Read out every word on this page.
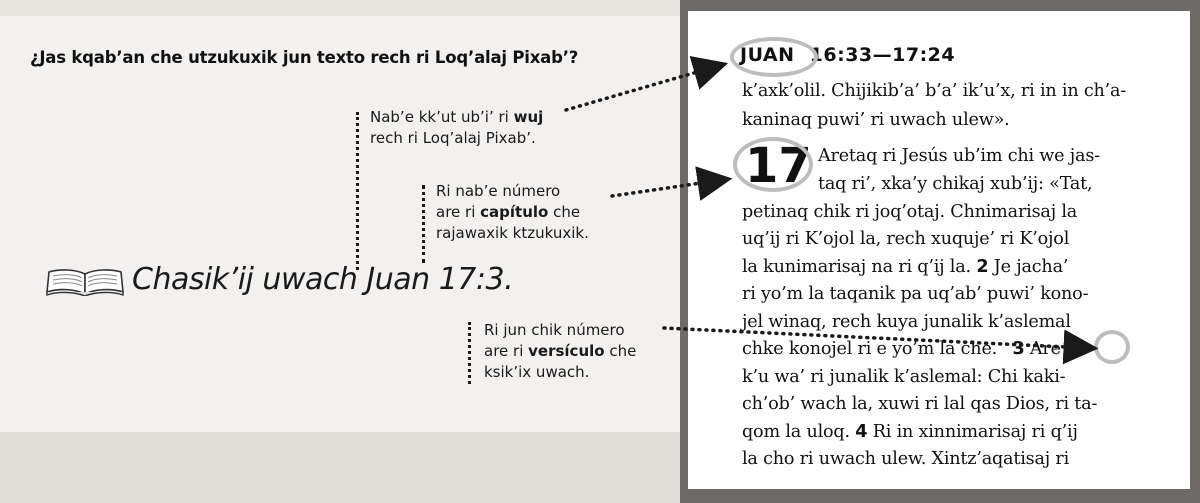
¿Jas kqab’an che utzukuxik jun texto rech ri Loq’alaj Pixab’?
Nab’e kk’ut ub’i’ ri wuj
rech ri Loq’alaj Pixab’.
Ri nab’e número
are ri capítulo che
rajawaxik ktzukuxik.
Ri jun chik número
are ri versículo che
ksik’ix uwach.
Chasik’ij uwach Juan 17:3.
JUAN 16:33—17:24
k’axk’olil. Chijikib’a’ b’a’ ik’u’x, ri in in ch’a-
kaninaq puwi’ ri uwach ulew».
17 Aretaq ri Jesús ub’im chi we jas-
taq ri’, xka’y chikaj xub’ij: «Tat,
petinaq chik ri joq’otaj. Chnimarisaj la
uq’ij ri K’ojol la, rech xuquje’ ri K’ojol
la kunimarisaj na ri q’ij la. 2 Je jacha’
ri yo’m la taqanik pa uq’ab’ puwi’ kono-
jel winaq, rech kuya junalik k’aslemal
chke konojel ri e yo’m la che. 3 Are
k’u wa’ ri junalik k’aslemal: Chi kaki-
ch’ob’ wach la, xuwi ri lal qas Dios, ri ta-
qom la uloq. 4 Ri in xinnimarisaj ri q’ij
la cho ri uwach ulew. Xintz’aqatisaj ri
